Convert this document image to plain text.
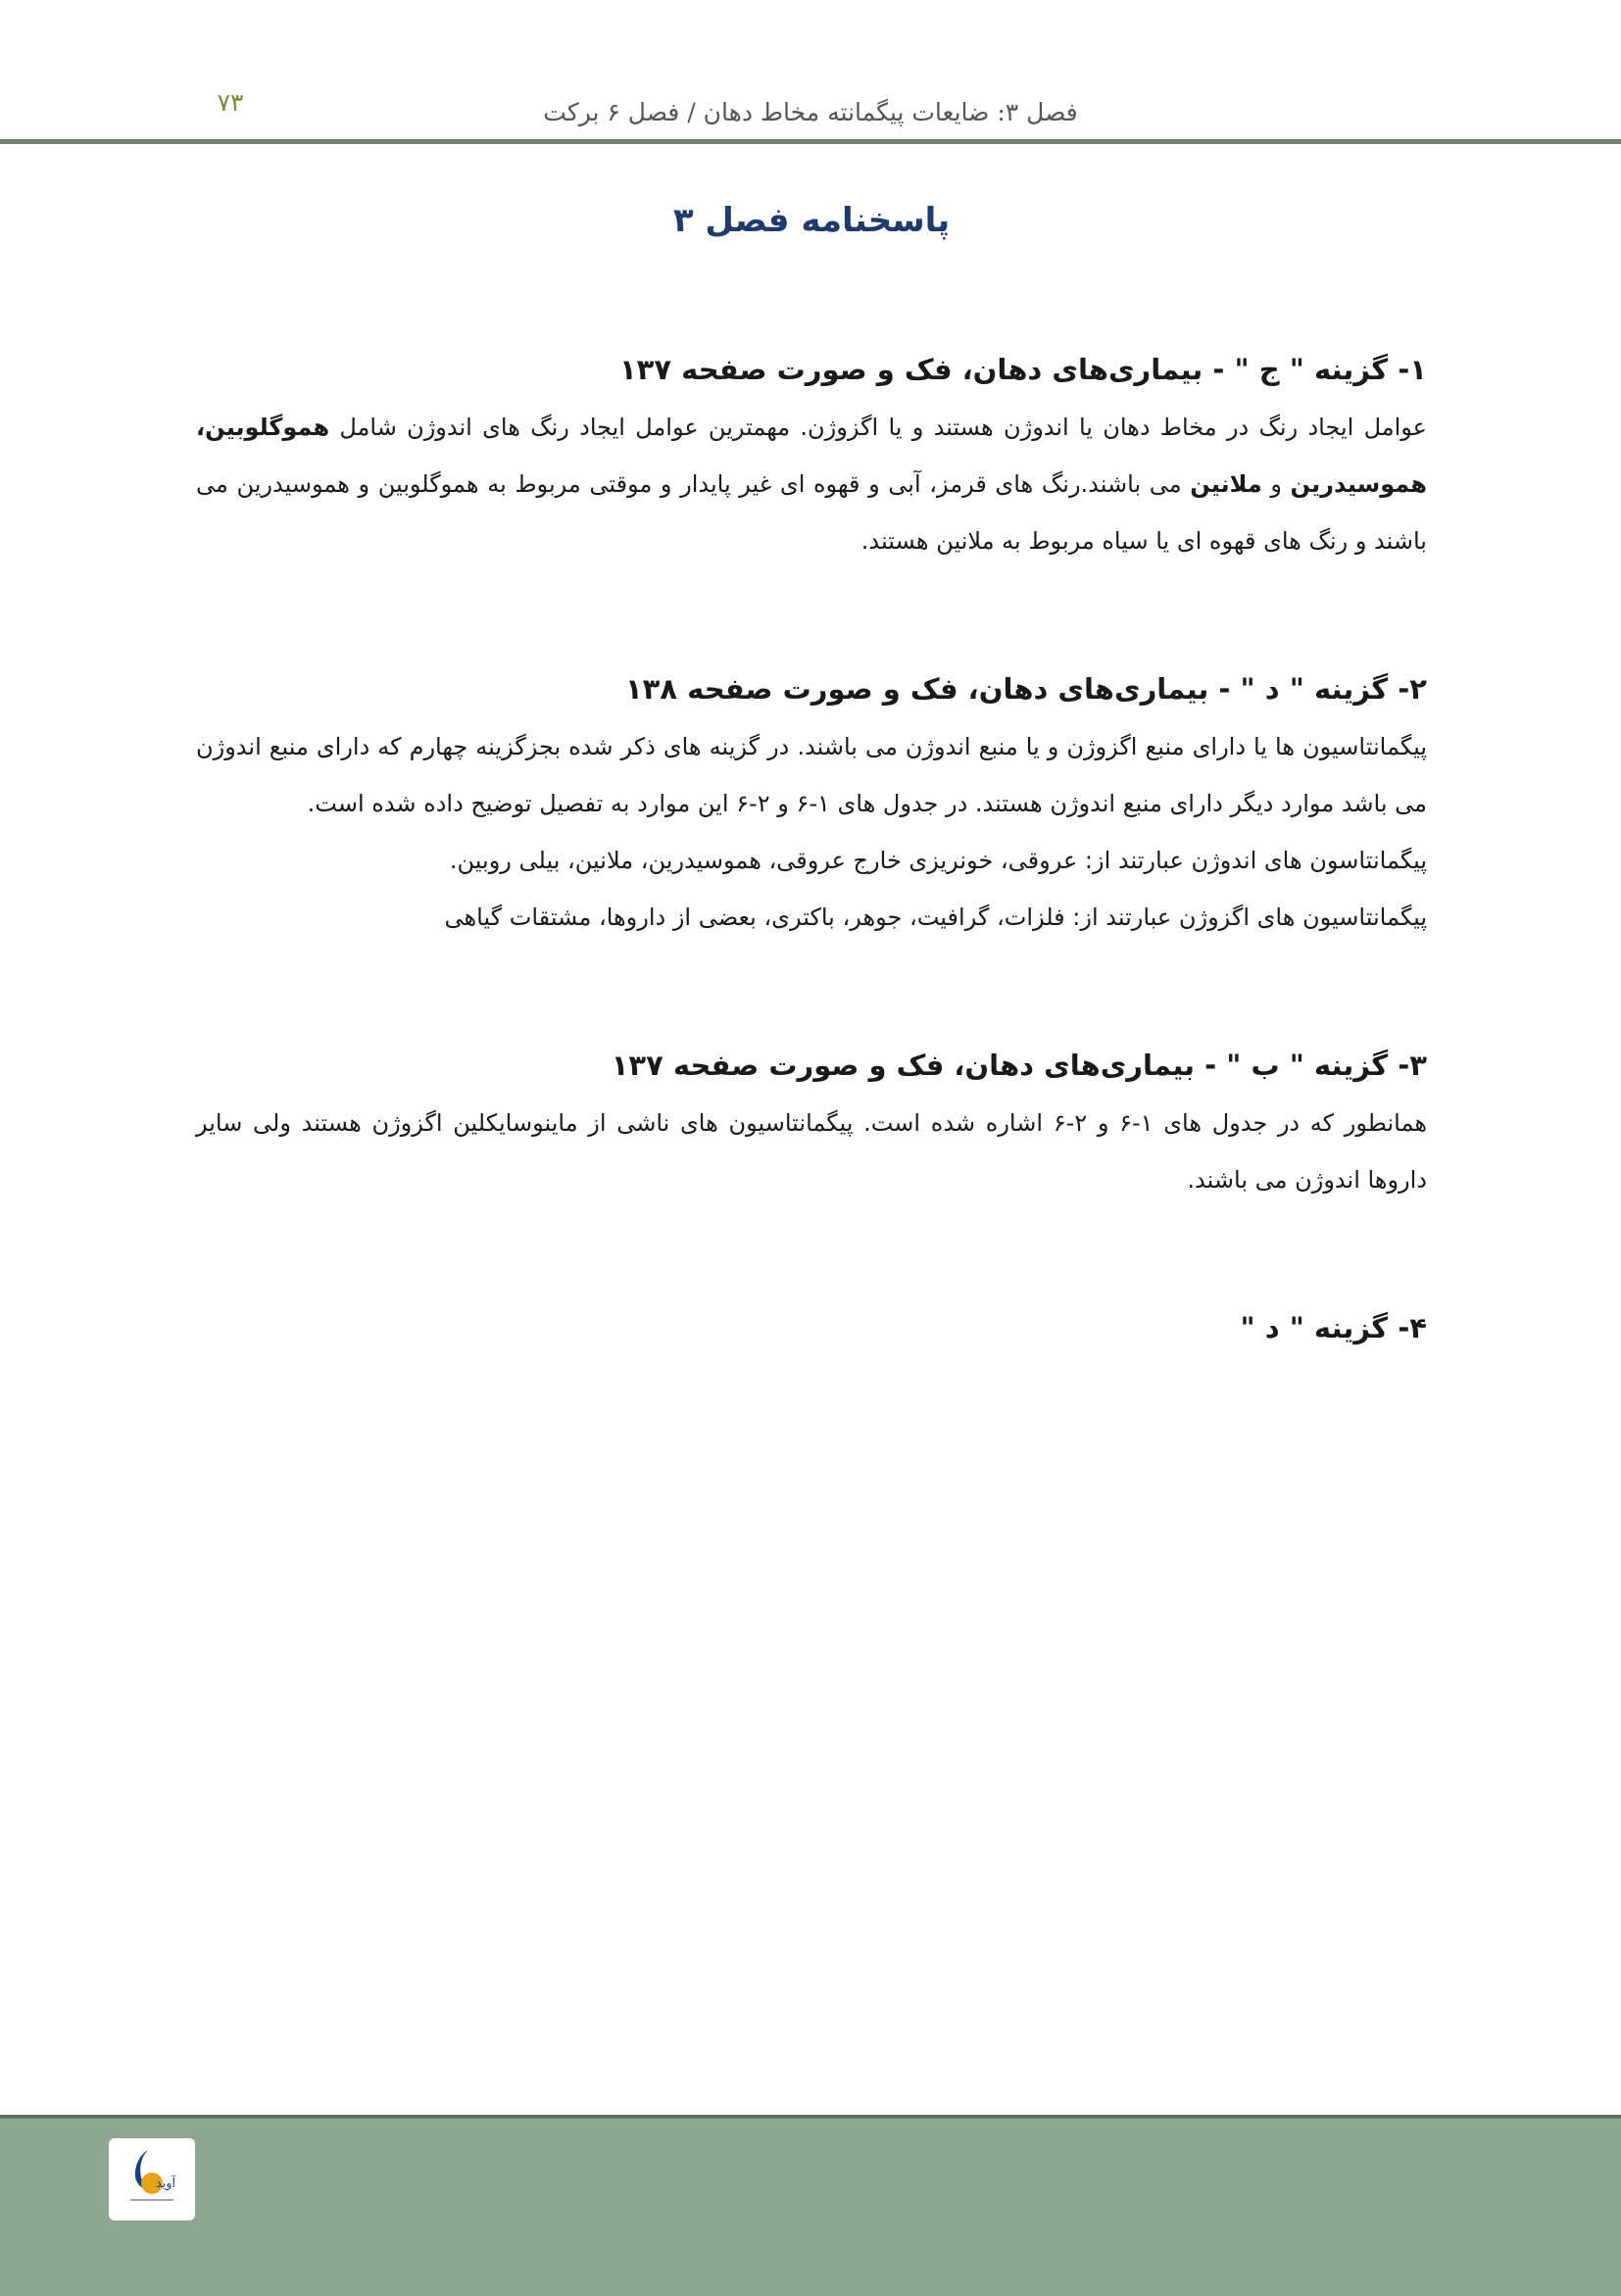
۷۳	فصل ۳: ضایعات پیگمانته مخاط دهان / فصل ۶ برکت
پاسخنامه فصل ۳

۱- گزینه " ج " - بیماری‌های دهان، فک و صورت صفحه ۱۳۷

عوامل ایجاد رنگ در مخاط دهان یا اندوژن هستند و یا اگزوژن. مهمترین عوامل ایجاد رنگ های اندوژن شامل هموگلوبین، هموسیدرین و ملانین می باشند.رنگ های قرمز، آبی و قهوه ای غیر پایدار و موقتی مربوط به هموگلوبین و هموسیدرین می باشند و رنگ های قهوه ای یا سیاه مربوط به ملانین هستند.

۲- گزینه " د " - بیماری‌های دهان، فک و صورت صفحه ۱۳۸

پیگمانتاسیون ها یا دارای منبع اگزوژن و یا منبع اندوژن می باشند. در گزینه های ذکر شده بجزگزینه چهارم که دارای منبع اندوژن می باشد موارد دیگر دارای منبع اندوژن هستند. در جدول های ۱-۶ و ۲-۶ این موارد به تفصیل توضیح داده شده است.

پیگمانتاسون های اندوژن عبارتند از: عروقی، خونریزی خارج عروقی، هموسیدرین، ملانین، بیلی روبین.

پیگمانتاسیون های اگزوژن عبارتند از: فلزات، گرافیت، جوهر، باکتری، بعضی از داروها، مشتقات گیاهی

۳- گزینه " ب " - بیماری‌های دهان، فک و صورت صفحه ۱۳۷

همانطور که در جدول های ۱-۶ و ۲-۶ اشاره شده است. پیگمانتاسیون های ناشی از ماینوسایکلین اگزوژن هستند ولی سایر داروها اندوژن می باشند.

۴- گزینه " د "

آوید
